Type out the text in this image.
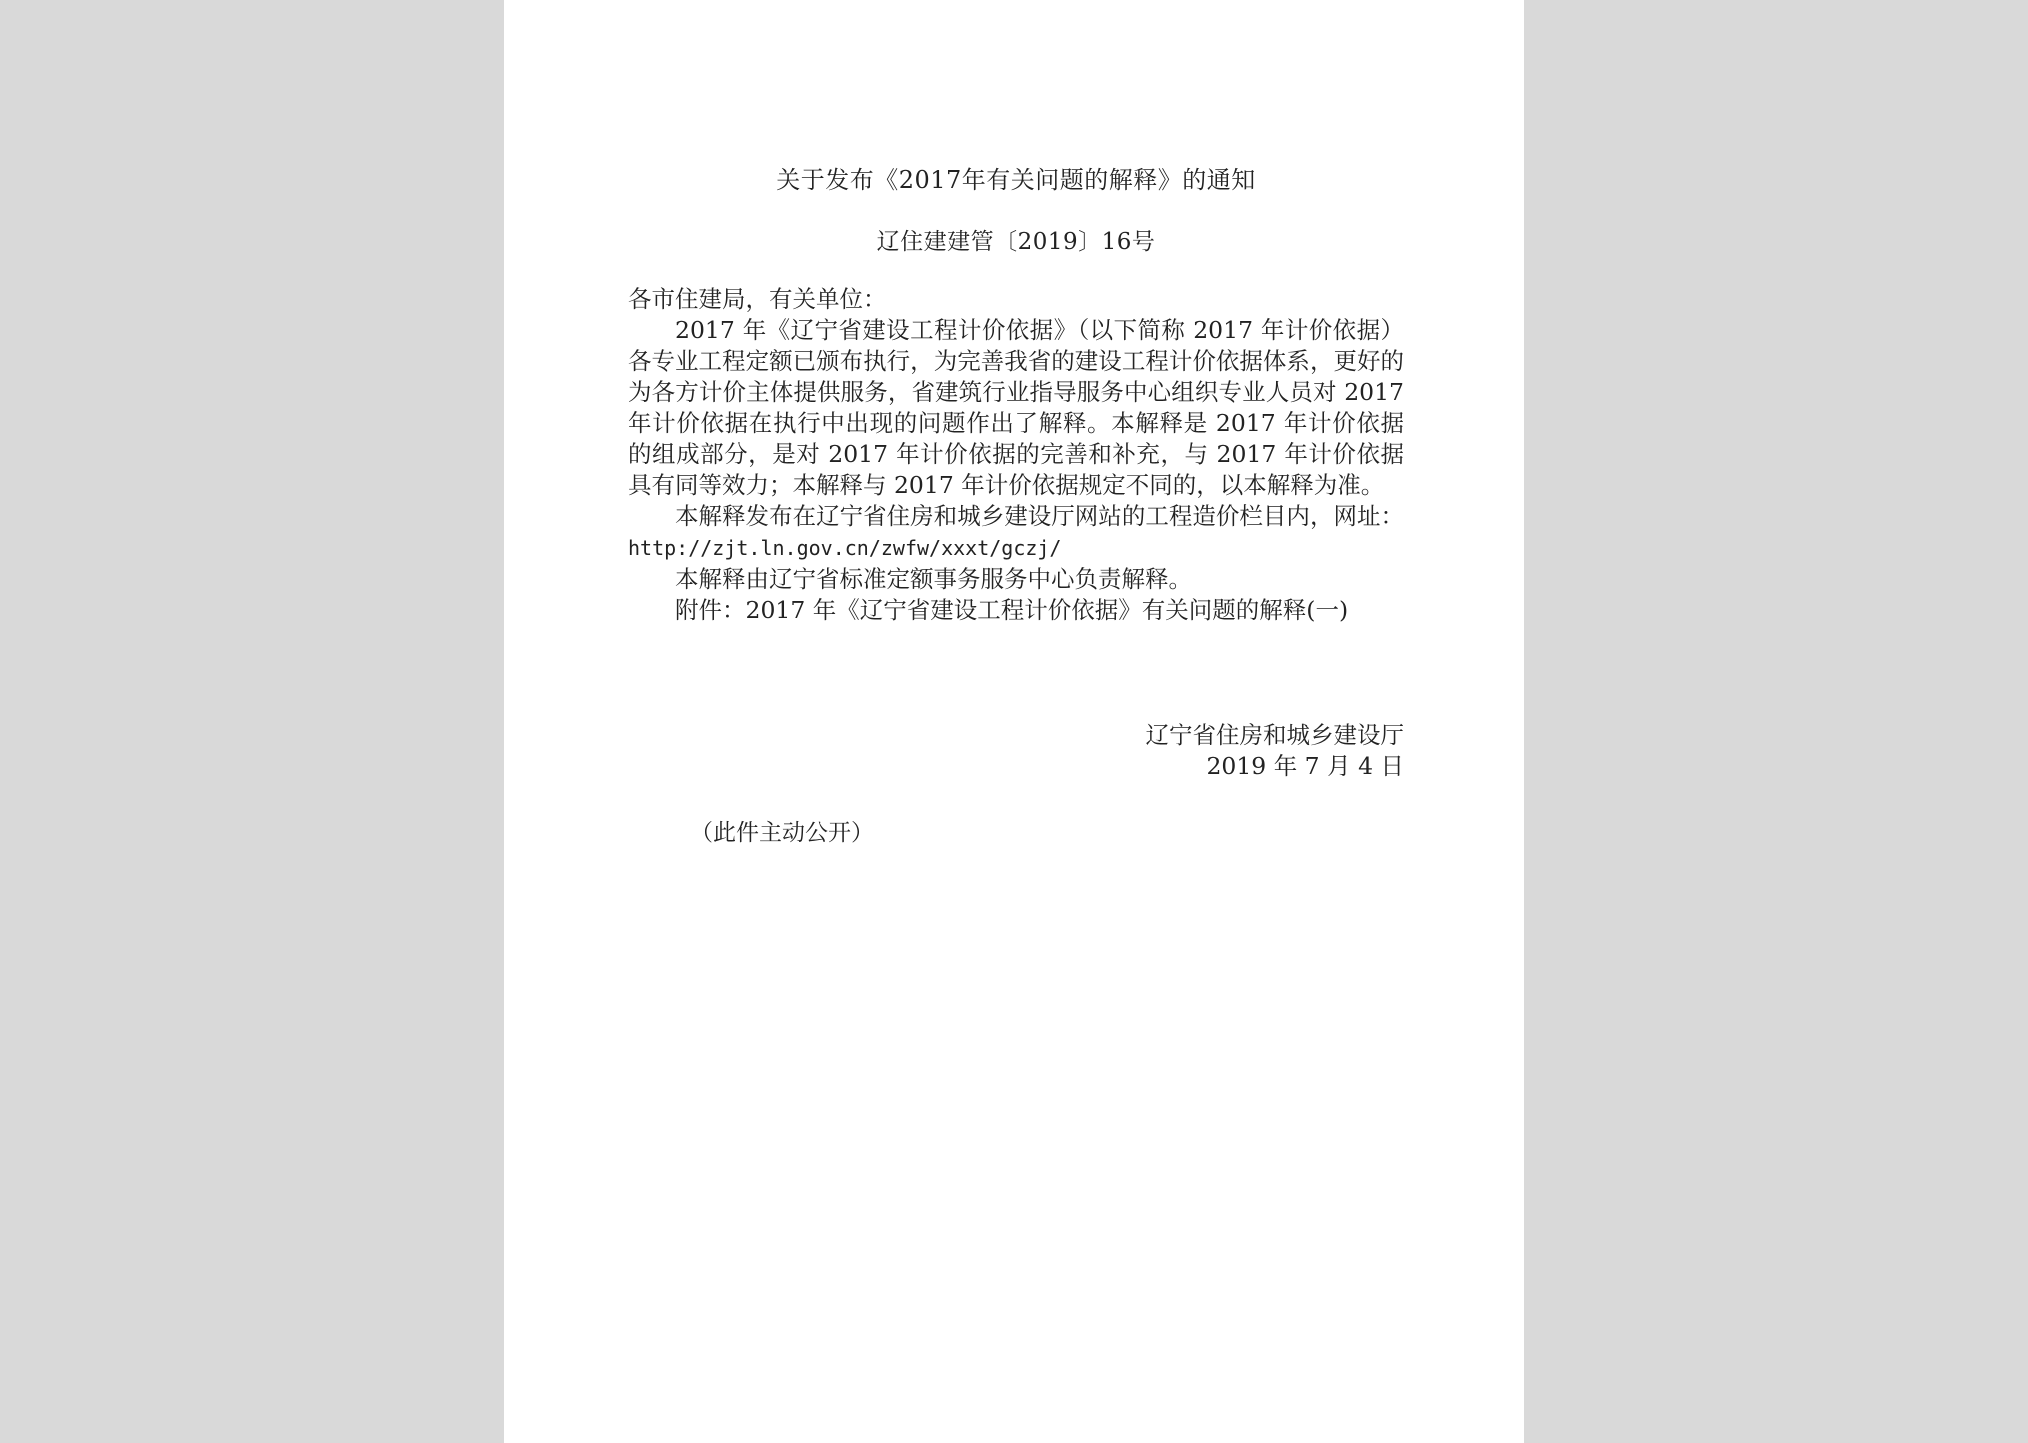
关于发布《2017年有关问题的解释》的通知
辽住建建管〔2019〕16号

各市住建局，有关单位：

2017 年《辽宁省建设工程计价依据》（以下简称 2017 年计价依据）各专业工程定额已颁布执行，为完善我省的建设工程计价依据体系，更好的为各方计价主体提供服务，省建筑行业指导服务中心组织专业人员对 2017 年计价依据在执行中出现的问题作出了解释。本解释是 2017 年计价依据的组成部分，是对 2017 年计价依据的完善和补充，与 2017 年计价依据具有同等效力；本解释与 2017 年计价依据规定不同的，以本解释为准。

本解释发布在辽宁省住房和城乡建设厅网站的工程造价栏目内，网址：http://zjt.ln.gov.cn/zwfw/xxxt/gczj/

本解释由辽宁省标准定额事务服务中心负责解释。

附件：2017 年《辽宁省建设工程计价依据》有关问题的解释(一)

辽宁省住房和城乡建设厅
2019 年 7 月 4 日
（此件主动公开）
